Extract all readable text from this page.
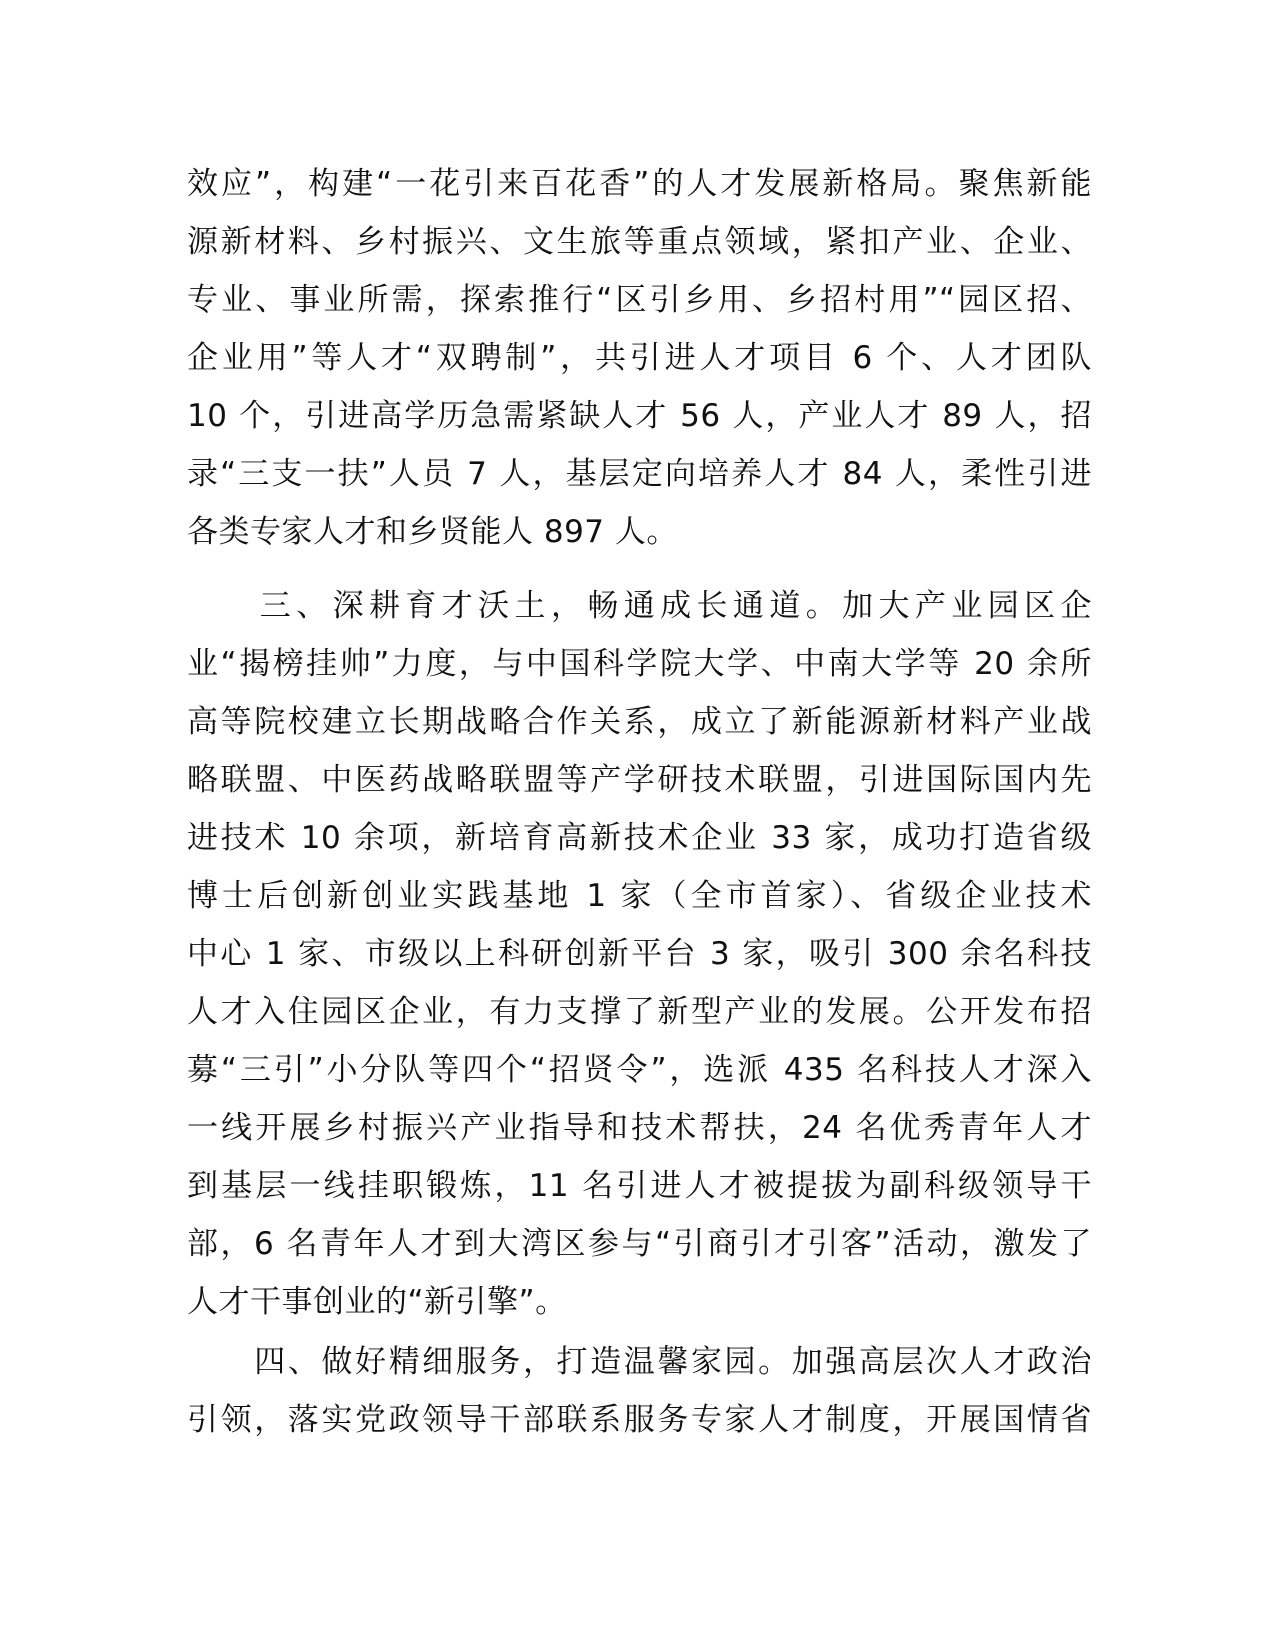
效应”，构建“一花引来百花香”的人才发展新格局。聚焦新能
源新材料、乡村振兴、文生旅等重点领域，紧扣产业、企业、
专业、事业所需，探索推行“区引乡用、乡招村用”“园区招、
企业用”等人才“双聘制”，共引进人才项目 6 个、人才团队
10 个，引进高学历急需紧缺人才 56 人，产业人才 89 人，招
录“三支一扶”人员 7 人，基层定向培养人才 84 人，柔性引进
各类专家人才和乡贤能人 897 人。
　　三、深耕育才沃土，畅通成长通道。加大产业园区企
业“揭榜挂帅”力度，与中国科学院大学、中南大学等 20 余所
高等院校建立长期战略合作关系，成立了新能源新材料产业战
略联盟、中医药战略联盟等产学研技术联盟，引进国际国内先
进技术 10 余项，新培育高新技术企业 33 家，成功打造省级
博士后创新创业实践基地 1 家（全市首家）、省级企业技术
中心 1 家、市级以上科研创新平台 3 家，吸引 300 余名科技
人才入住园区企业，有力支撑了新型产业的发展。公开发布招
募“三引”小分队等四个“招贤令”，选派 435 名科技人才深入
一线开展乡村振兴产业指导和技术帮扶，24 名优秀青年人才
到基层一线挂职锻炼，11 名引进人才被提拔为副科级领导干
部，6 名青年人才到大湾区参与“引商引才引客”活动，激发了
人才干事创业的“新引擎”。
　　四、做好精细服务，打造温馨家园。加强高层次人才政治
引领，落实党政领导干部联系服务专家人才制度，开展国情省
